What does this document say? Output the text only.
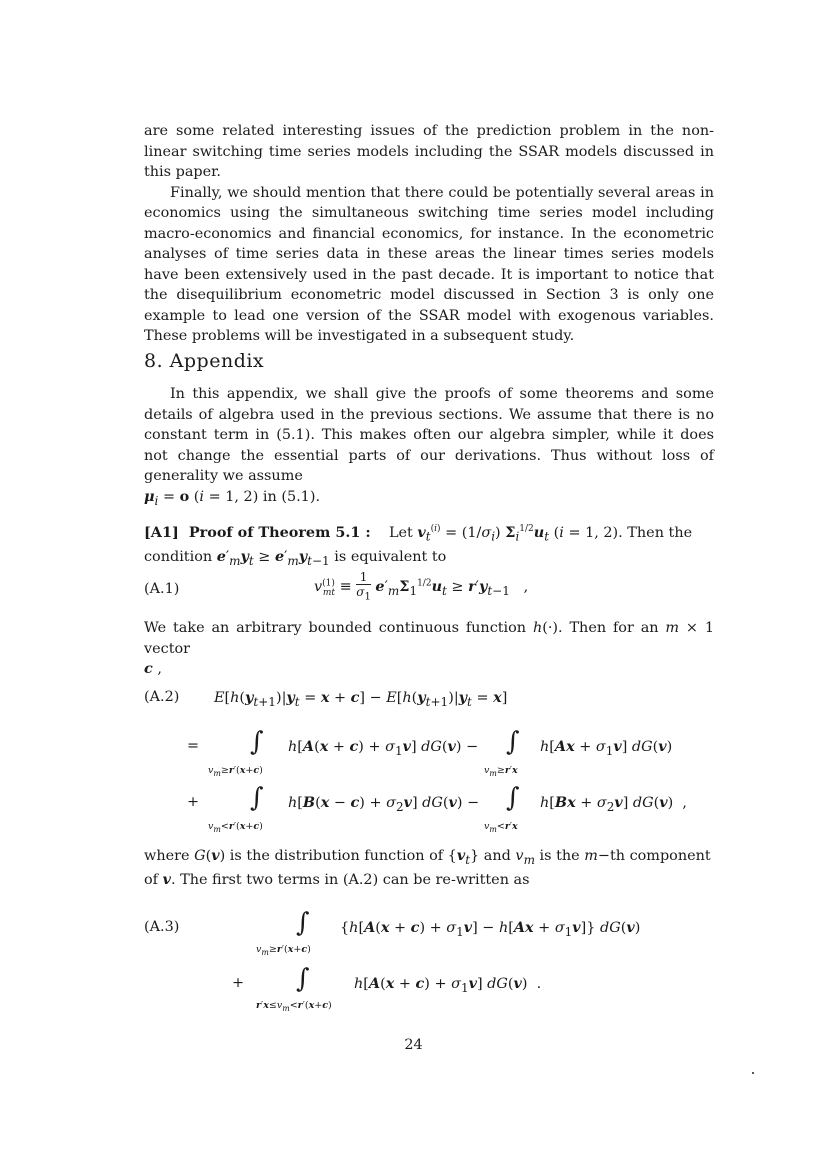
are some related interesting issues of the prediction problem in the non-linear switching time series models including the SSAR models discussed in this paper.

Finally, we should mention that there could be potentially several areas in economics using the simultaneous switching time series model including macro-economics and financial economics, for instance. In the econometric analyses of time series data in these areas the linear times series models have been extensively used in the past decade. It is important to notice that the disequilibrium econometric model discussed in Section 3 is only one example to lead one version of the SSAR model with exogenous variables. These problems will be investigated in a subsequent study.

8. Appendix

In this appendix, we shall give the proofs of some theorems and some details of algebra used in the previous sections. We assume that there is no constant term in (5.1). This makes often our algebra simpler, while it does not change the essential parts of our derivations. Thus without loss of generality we assume

$\mu_i = o$ (i = 1, 2) in (5.1).

[A1]  Proof of Theorem 5.1 :    Let $v_t^{(i)} = (1/\sigma_i)$ $\Sigma_i^{1/2}u_t$ (i = 1, 2). Then the

condition $e'_my_t \ge e'_my_{t-1}$ is equivalent to

(A.1)	$v^{(1)}_{mt} \equiv \frac{1}{\sigma_1} e'_m\Sigma_1^{1/2}u_t \ge r'y_{t-1}$   ,

We take an arbitrary bounded continuous function h(·). Then for an m × 1 vector

c ,

(A.2) $E[h(y_{t+1})|y_t = x + c] - E[h(y_{t+1})|y_t = x]$
= ∫
$v_m\ge r'(x+c)$
$h[A(x + c) + \sigma_1v]$ dG(v) − ∫
$v_m\ge r'x$
$h[Ax + \sigma_1v]$ dG(v)
+ ∫
$v_m<r'(x+c)$
$h[B(x - c) + \sigma_2v]$ dG(v) − ∫
$v_m<r'x$
$h[Bx + \sigma_2v]$ dG(v)  ,

where G(v) is the distribution function of $\{v_t\}$ and $v_m$ is the m−th component

of v. The first two terms in (A.2) can be re-written as

(A.3)	∫
$v_m\ge r'(x+c)$
$\{h[A(x + c) + \sigma_1v] - h[Ax + \sigma_1v]\}$ dG(v)
+ ∫
$r'x\le v_m<r'(x+c)$
$h[A(x + c) + \sigma_1v]$ dG(v)  .
24
